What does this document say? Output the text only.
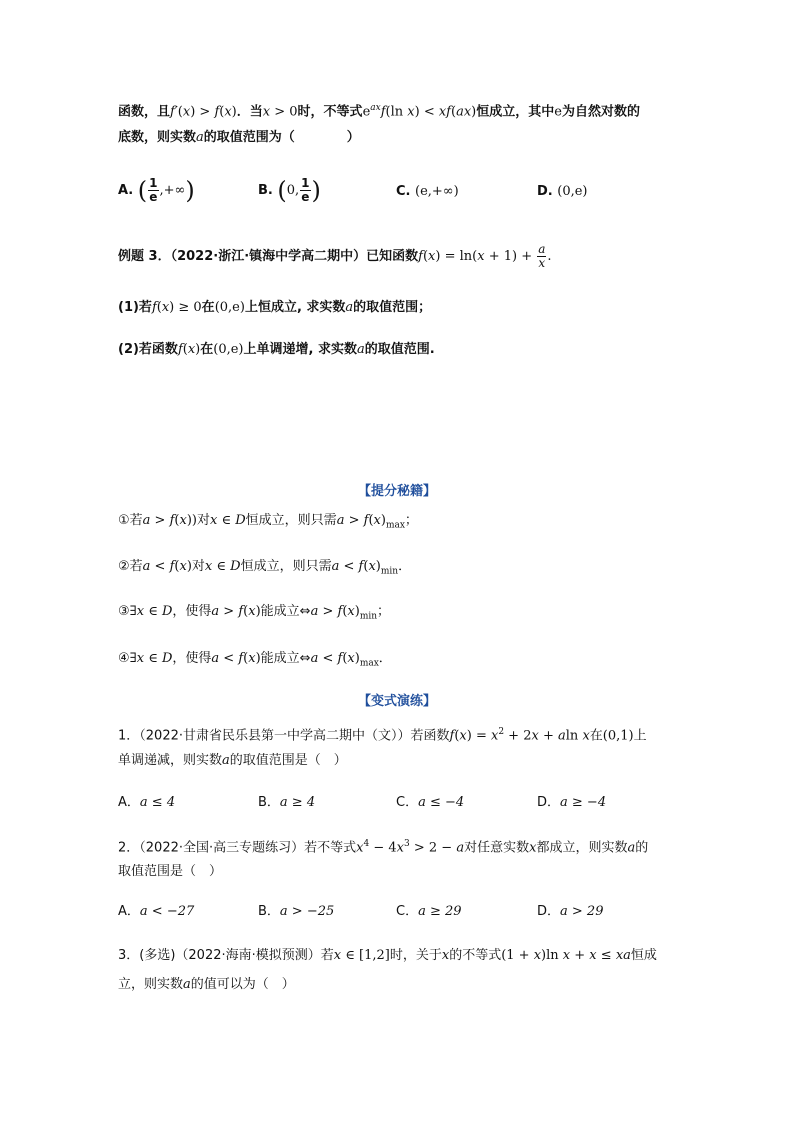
函数，且f′(x) > f(x)．当x > 0时，不等式$e^{ax}f(\ln$ x) < xf(ax)恒成立，其中e为自然对数的
底数，则实数a的取值范围为（　　　　）
A. ( $\frac{1}{e}$ ,+∞)	B. (0, $\frac{1}{e}$ )	C. (e,+∞)	D. (0,e)
例题 3．（2022·浙江·镇海中学高二期中）已知函数$f(x) = \ln(x + 1) + \frac{a}{x}$ .
(1)若f(x) ≥ 0在(0,e)上恒成立, 求实数a的取值范围；
(2)若函数f(x)在(0,e)上单调递增, 求实数a的取值范围.
【提分秘籍】
①若a > f(x))对x ∈ D恒成立，则只需$a > f(x)_{max}$；
②若a < f(x)对x ∈ D恒成立，则只需$a < f(x)_{min}$．
③∃x ∈ D，使得a > f(x)能成立⇔a > $f(x)_{min}$；
④∃x ∈ D，使得a < f(x)能成立⇔a < $f(x)_{max}$．
【变式演练】
1．（2022·甘肃省民乐县第一中学高二期中（文））若函数$f(x) = x^2 + 2x + aln$ x在(0,1)上
单调递减，则实数a的取值范围是（　）
A．a ≤ 4	B．a ≥ 4	C．a ≤ −4	D．a ≥ −4
2．（2022·全国·高三专题练习）若不等式$x^4 - 4x^3 > 2 - a$对任意实数x都成立，则实数a的
取值范围是（　）
A．a < −27	B．a > −25	C．a ≥ 29	D．a > 29
3．(多选)（2022·海南·模拟预测）若x ∈ [1,2]时，关于x的不等式(1 + x)ln x + x ≤ xa恒成
立，则实数a的值可以为（　）
